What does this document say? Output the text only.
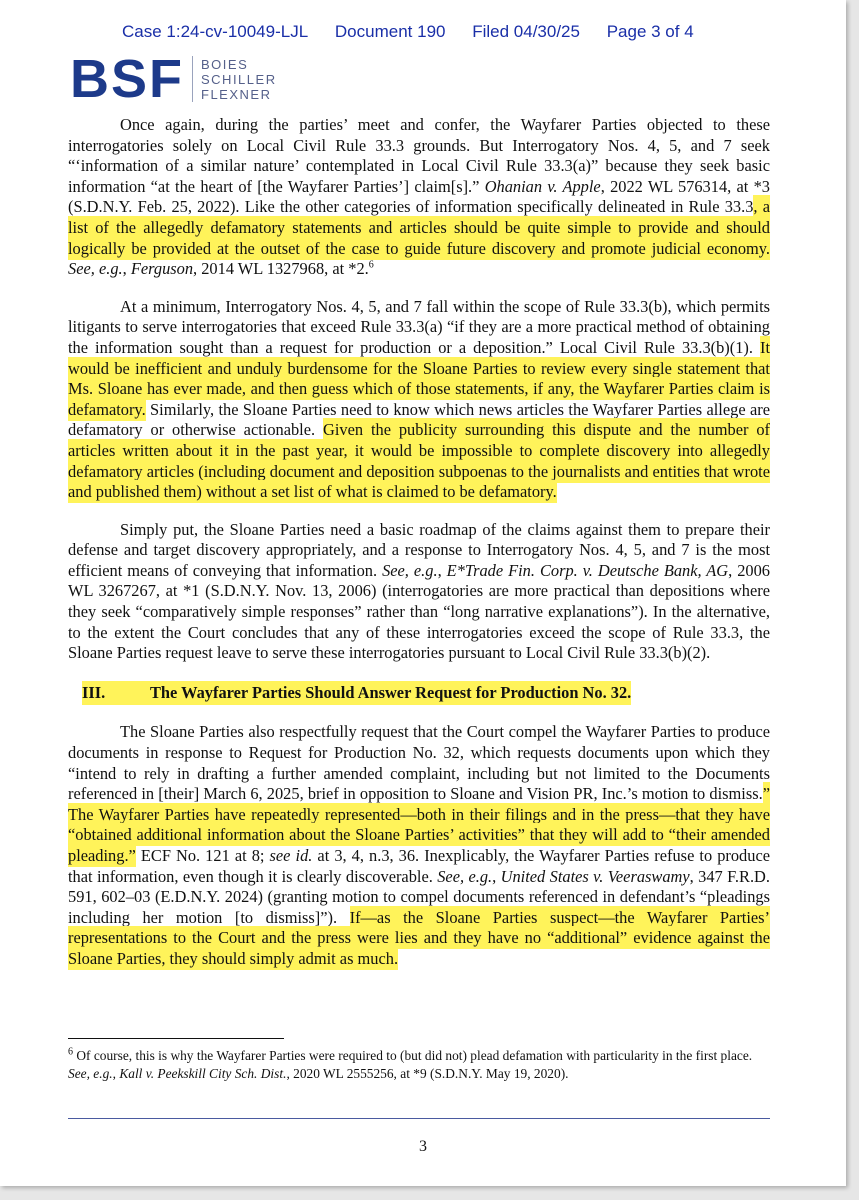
Case 1:24-cv-10049-LJL Document 190 Filed 04/30/25 Page 3 of 4
BSF BOIES
SCHILLER
FLEXNER

Once again, during the parties’ meet and confer, the Wayfarer Parties objected to these interrogatories solely on Local Civil Rule 33.3 grounds. But Interrogatory Nos. 4, 5, and 7 seek “‘information of a similar nature’ contemplated in Local Civil Rule 33.3(a)” because they seek basic information “at the heart of [the Wayfarer Parties’] claim[s].” Ohanian v. Apple, 2022 WL 576314, at *3 (S.D.N.Y. Feb. 25, 2022). Like the other categories of information specifically delineated in Rule 33.3, a list of the allegedly defamatory statements and articles should be quite simple to provide and should logically be provided at the outset of the case to guide future discovery and promote judicial economy. See, e.g., Ferguson, 2014 WL 1327968, at *2.$^6$

At a minimum, Interrogatory Nos. 4, 5, and 7 fall within the scope of Rule 33.3(b), which permits litigants to serve interrogatories that exceed Rule 33.3(a) “if they are a more practical method of obtaining the information sought than a request for production or a deposition.” Local Civil Rule 33.3(b)(1). It would be inefficient and unduly burdensome for the Sloane Parties to review every single statement that Ms. Sloane has ever made, and then guess which of those statements, if any, the Wayfarer Parties claim is defamatory. Similarly, the Sloane Parties need to know which news articles the Wayfarer Parties allege are defamatory or otherwise actionable. Given the publicity surrounding this dispute and the number of articles written about it in the past year, it would be impossible to complete discovery into allegedly defamatory articles (including document and deposition subpoenas to the journalists and entities that wrote and published them) without a set list of what is claimed to be defamatory.

Simply put, the Sloane Parties need a basic roadmap of the claims against them to prepare their defense and target discovery appropriately, and a response to Interrogatory Nos. 4, 5, and 7 is the most efficient means of conveying that information. See, e.g., E*Trade Fin. Corp. v. Deutsche Bank, AG, 2006 WL 3267267, at *1 (S.D.N.Y. Nov. 13, 2006) (interrogatories are more practical than depositions where they seek “comparatively simple responses” rather than “long narrative explanations”). In the alternative, to the extent the Court concludes that any of these interrogatories exceed the scope of Rule 33.3, the Sloane Parties request leave to serve these interrogatories pursuant to Local Civil Rule 33.3(b)(2).

III.	The Wayfarer Parties Should Answer Request for Production No. 32.

The Sloane Parties also respectfully request that the Court compel the Wayfarer Parties to produce documents in response to Request for Production No. 32, which requests documents upon which they “intend to rely in drafting a further amended complaint, including but not limited to the Documents referenced in [their] March 6, 2025, brief in opposition to Sloane and Vision PR, Inc.’s motion to dismiss.” The Wayfarer Parties have repeatedly represented—both in their filings and in the press—that they have “obtained additional information about the Sloane Parties’ activities” that they will add to “their amended pleading.” ECF No. 121 at 8; see id. at 3, 4, n.3, 36. Inexplicably, the Wayfarer Parties refuse to produce that information, even though it is clearly discoverable. See, e.g., United States v. Veeraswamy, 347 F.R.D. 591, 602–03 (E.D.N.Y. 2024) (granting motion to compel documents referenced in defendant’s “pleadings including her motion [to dismiss]”). If—as the Sloane Parties suspect—the Wayfarer Parties’ representations to the Court and the press were lies and they have no “additional” evidence against the Sloane Parties, they should simply admit as much.

$^6$ Of course, this is why the Wayfarer Parties were required to (but did not) plead defamation with particularity in the first place. See, e.g., Kall v. Peekskill City Sch. Dist., 2020 WL 2555256, at *9 (S.D.N.Y. May 19, 2020).
3
